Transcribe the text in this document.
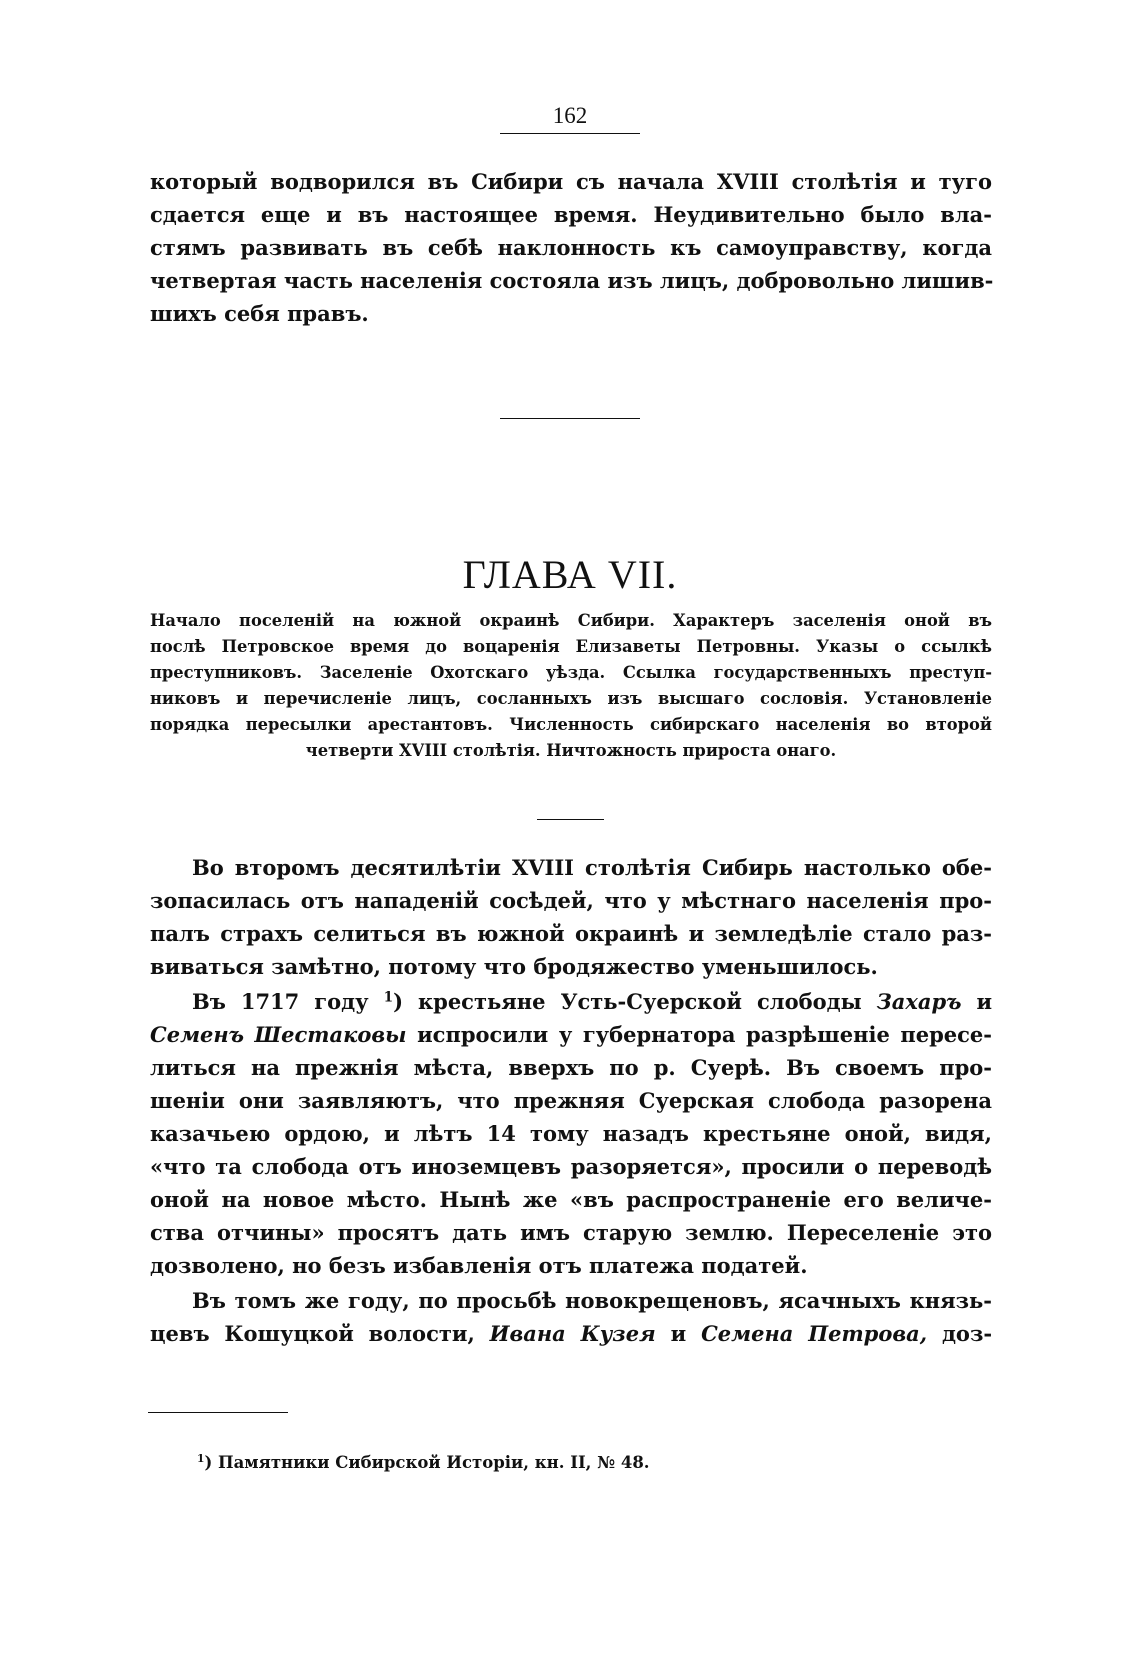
162
который водворился въ Сибири съ начала XVIII столѣтія и туго
сдается еще и въ настоящее время. Неудивительно было вла-
стямъ развивать въ себѣ наклонность къ самоуправству, когда
четвертая часть населенія состояла изъ лицъ, добровольно лишив-
шихъ себя правъ.
ГЛАВА VII.
Начало поселеній на южной окраинѣ Сибири. Характеръ заселенія оной въ
послѣ Петровское время до воцаренія Елизаветы Петровны. Указы о ссылкѣ
преступниковъ. Заселеніе Охотскаго уѣзда. Ссылка государственныхъ преступ-
никовъ и перечисленіе лицъ, сосланныхъ изъ высшаго сословія. Установленіе
порядка пересылки арестантовъ. Численность сибирскаго населенія во второй
четверти XVIII столѣтія. Ничтожность прироста онаго.
Во второмъ десятилѣтіи XVIII столѣтія Сибирь настолько обе-
зопасилась отъ нападеній сосѣдей, что у мѣстнаго населенія про-
палъ страхъ селиться въ южной окраинѣ и земледѣліе стало раз-
виваться замѣтно, потому что бродяжество уменьшилось.
Въ 1717 году $^1$) крестьяне Усть-Суерской слободы Захаръ и
Семенъ Шестаковы испросили у губернатора разрѣшеніе пересе-
литься на прежнія мѣста, вверхъ по р. Суерѣ. Въ своемъ про-
шеніи они заявляютъ, что прежняя Суерская слобода разорена
казачьею ордою, и лѣтъ 14 тому назадъ крестьяне оной, видя,
«что та слобода отъ иноземцевъ разоряется», просили о переводѣ
оной на новое мѣсто. Нынѣ же «въ распространеніе его величе-
ства отчины» просятъ дать имъ старую землю. Переселеніе это
дозволено, но безъ избавленія отъ платежа податей.
Въ томъ же году, по просьбѣ новокрещеновъ, ясачныхъ князь-
цевъ Кошуцкой волости, Ивана Кузея и Семена Петрова, доз-
$^1$) Памятники Сибирской Исторіи, кн. II, № 48.
